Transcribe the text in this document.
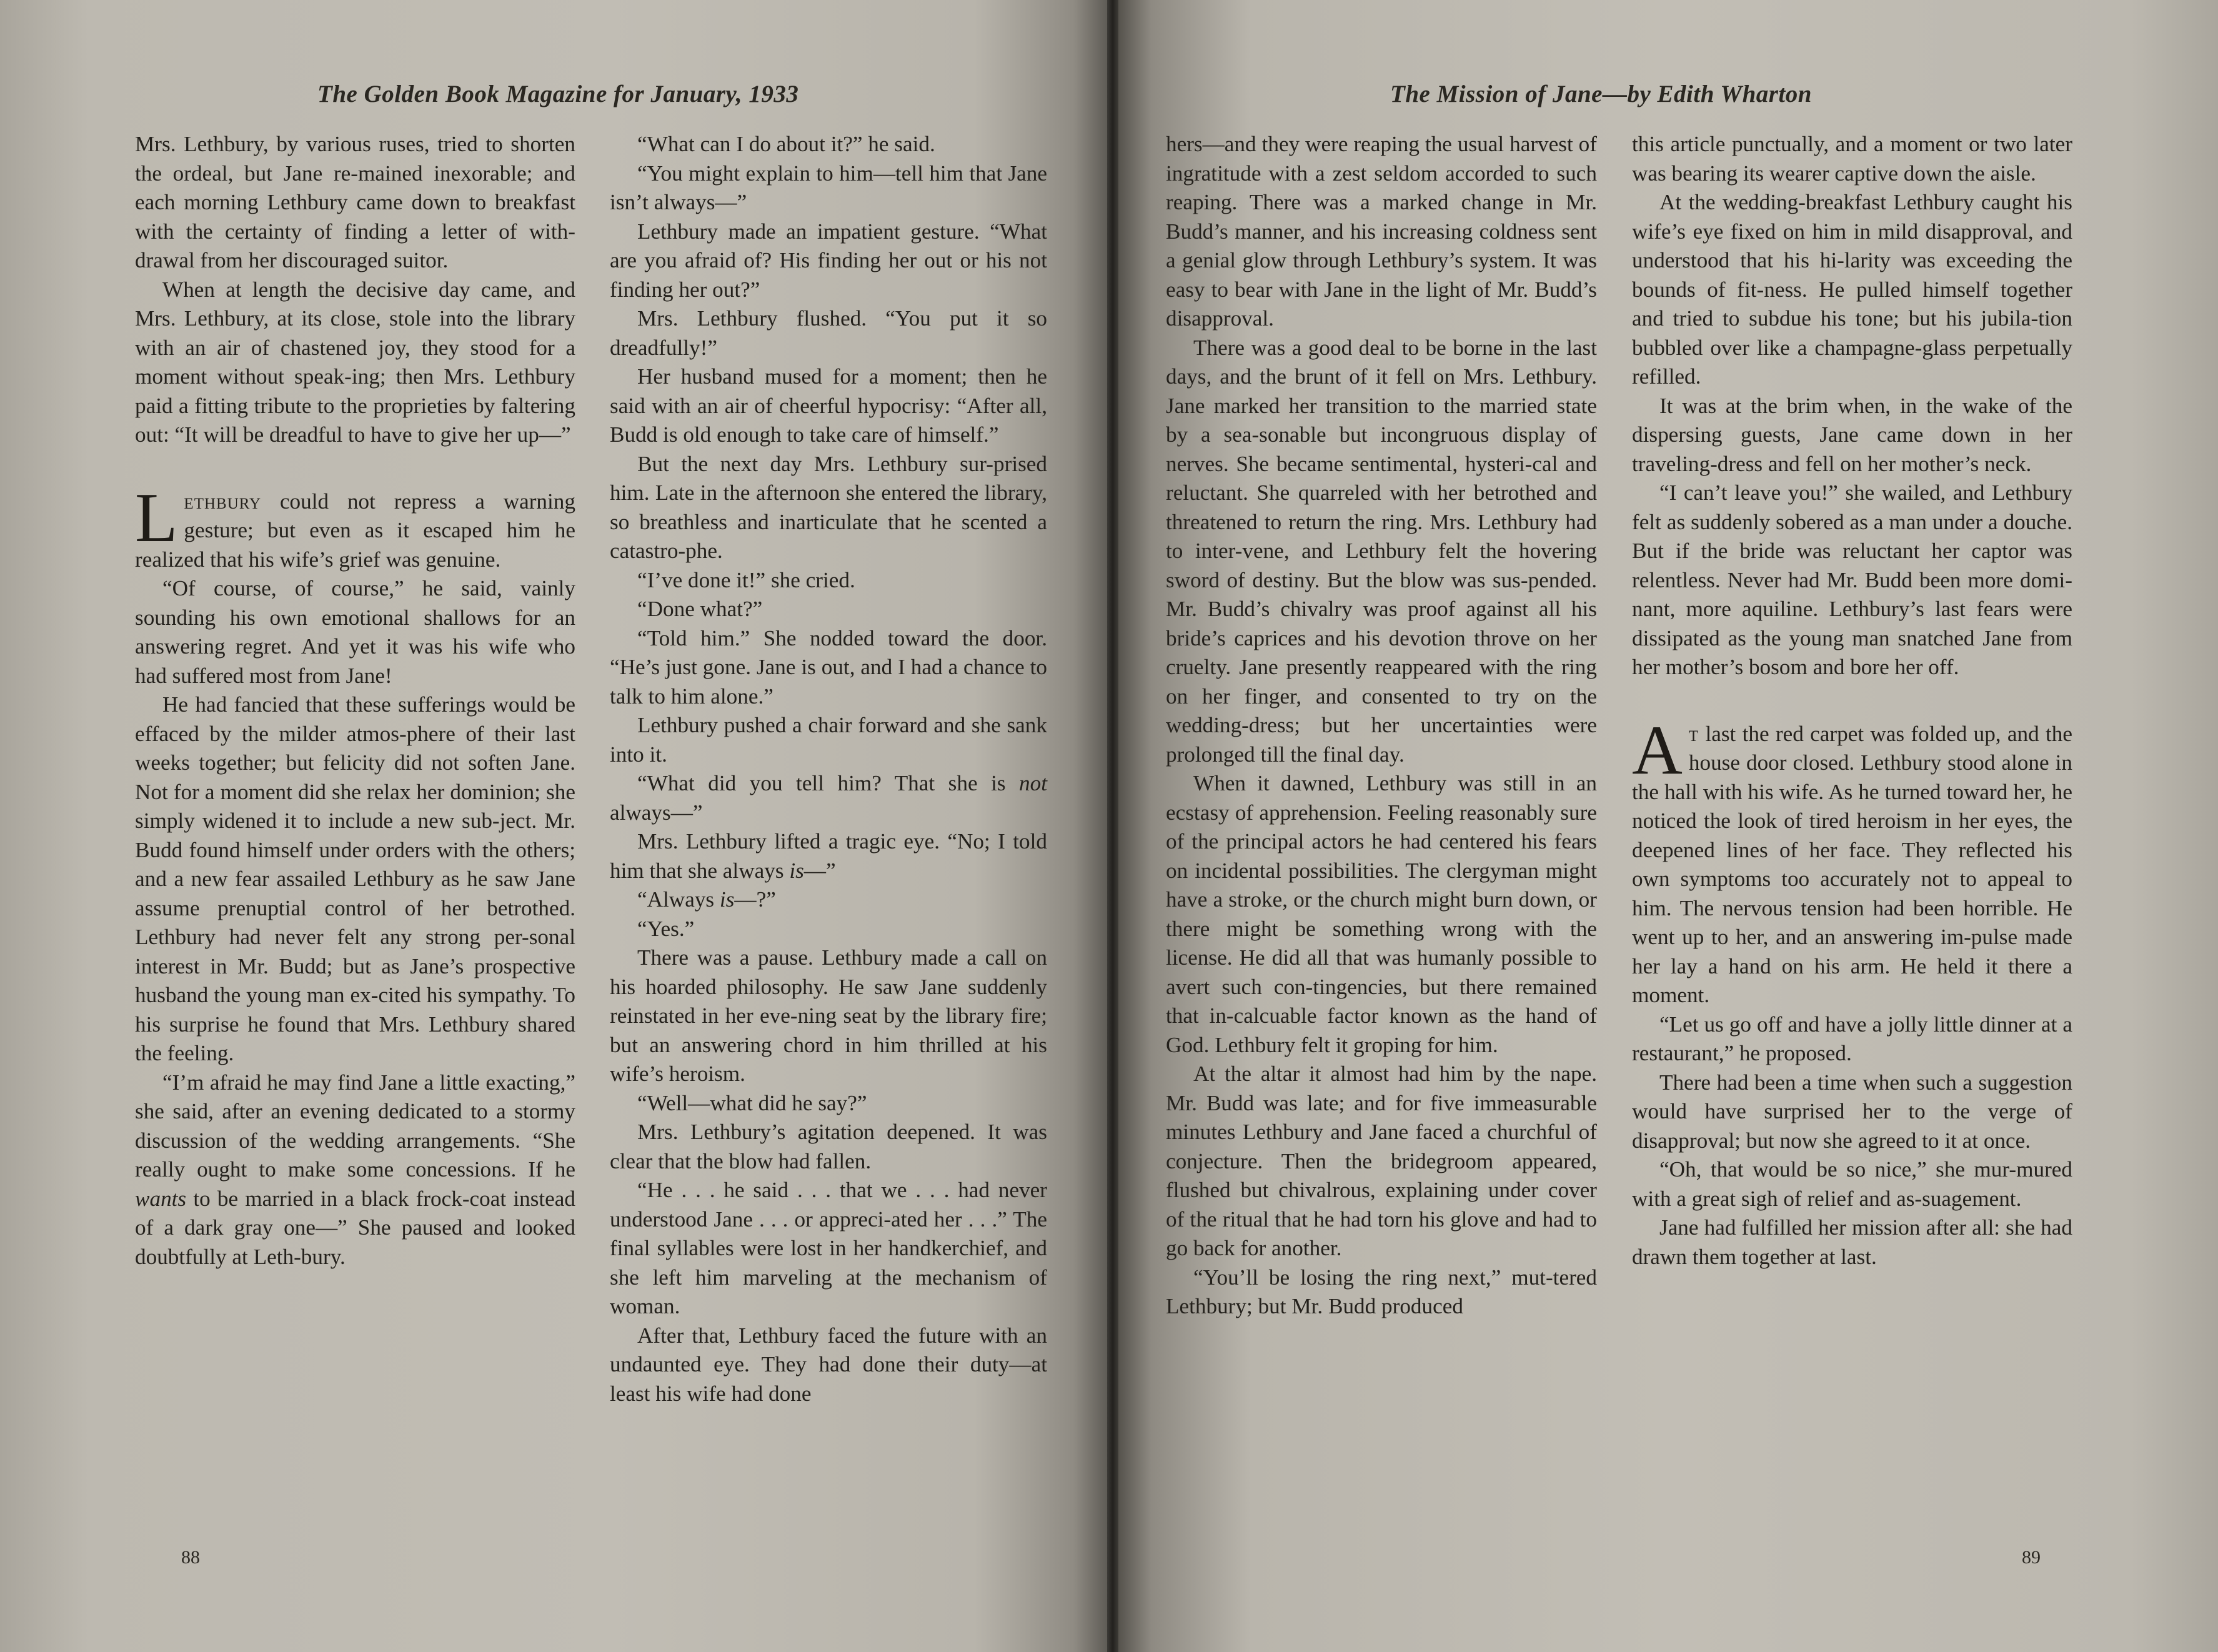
The Golden Book Magazine for January, 1933

Mrs. Lethbury, by various ruses, tried to shorten the ordeal, but Jane re-mained inexorable; and each morning Lethbury came down to breakfast with the certainty of finding a letter of with-drawal from her discouraged suitor.

When at length the decisive day came, and Mrs. Lethbury, at its close, stole into the library with an air of chastened joy, they stood for a moment without speak-ing; then Mrs. Lethbury paid a fitting tribute to the proprieties by faltering out: “It will be dreadful to have to give her up—”

Lethbury could not repress a warning gesture; but even as it escaped him he realized that his wife’s grief was genuine.

“Of course, of course,” he said, vainly sounding his own emotional shallows for an answering regret. And yet it was his wife who had suffered most from Jane!

He had fancied that these sufferings would be effaced by the milder atmos-phere of their last weeks together; but felicity did not soften Jane. Not for a moment did she relax her dominion; she simply widened it to include a new sub-ject. Mr. Budd found himself under orders with the others; and a new fear assailed Lethbury as he saw Jane assume prenuptial control of her betrothed. Lethbury had never felt any strong per-sonal interest in Mr. Budd; but as Jane’s prospective husband the young man ex-cited his sympathy. To his surprise he found that Mrs. Lethbury shared the feeling.

“I’m afraid he may find Jane a little exacting,” she said, after an evening dedicated to a stormy discussion of the wedding arrangements. “She really ought to make some concessions. If he wants to be married in a black frock-coat instead of a dark gray one—” She paused and looked doubtfully at Leth-bury.

“What can I do about it?” he said.

“You might explain to him—tell him that Jane isn’t always—”

Lethbury made an impatient gesture. “What are you afraid of? His finding her out or his not finding her out?”

Mrs. Lethbury flushed. “You put it so dreadfully!”

Her husband mused for a moment; then he said with an air of cheerful hypocrisy: “After all, Budd is old enough to take care of himself.”

But the next day Mrs. Lethbury sur-prised him. Late in the afternoon she entered the library, so breathless and inarticulate that he scented a catastro-phe.

“I’ve done it!” she cried.

“Done what?”

“Told him.” She nodded toward the door. “He’s just gone. Jane is out, and I had a chance to talk to him alone.”

Lethbury pushed a chair forward and she sank into it.

“What did you tell him? That she is not always—”

Mrs. Lethbury lifted a tragic eye. “No; I told him that she always is—”

“Always is—?”

“Yes.”

There was a pause. Lethbury made a call on his hoarded philosophy. He saw Jane suddenly reinstated in her eve-ning seat by the library fire; but an answering chord in him thrilled at his wife’s heroism.

“Well—what did he say?”

Mrs. Lethbury’s agitation deepened. It was clear that the blow had fallen.

“He . . . he said . . . that we . . . had never understood Jane . . . or appreci-ated her . . .” The final syllables were lost in her handkerchief, and she left him marveling at the mechanism of woman.

After that, Lethbury faced the future with an undaunted eye. They had done their duty—at least his wife had done

88
The Mission of Jane—by Edith Wharton

hers—and they were reaping the usual harvest of ingratitude with a zest seldom accorded to such reaping. There was a marked change in Mr. Budd’s manner, and his increasing coldness sent a genial glow through Lethbury’s system. It was easy to bear with Jane in the light of Mr. Budd’s disapproval.

There was a good deal to be borne in the last days, and the brunt of it fell on Mrs. Lethbury. Jane marked her transition to the married state by a sea-sonable but incongruous display of nerves. She became sentimental, hysteri-cal and reluctant. She quarreled with her betrothed and threatened to return the ring. Mrs. Lethbury had to inter-vene, and Lethbury felt the hovering sword of destiny. But the blow was sus-pended. Mr. Budd’s chivalry was proof against all his bride’s caprices and his devotion throve on her cruelty. Jane presently reappeared with the ring on her finger, and consented to try on the wedding-dress; but her uncertainties were prolonged till the final day.

When it dawned, Lethbury was still in an ecstasy of apprehension. Feeling reasonably sure of the principal actors he had centered his fears on incidental possibilities. The clergyman might have a stroke, or the church might burn down, or there might be something wrong with the license. He did all that was humanly possible to avert such con-tingencies, but there remained that in-calcuable factor known as the hand of God. Lethbury felt it groping for him.

At the altar it almost had him by the nape. Mr. Budd was late; and for five immeasurable minutes Lethbury and Jane faced a churchful of conjecture. Then the bridegroom appeared, flushed but chivalrous, explaining under cover of the ritual that he had torn his glove and had to go back for another.

“You’ll be losing the ring next,” mut-tered Lethbury; but Mr. Budd produced

this article punctually, and a moment or two later was bearing its wearer captive down the aisle.

At the wedding-breakfast Lethbury caught his wife’s eye fixed on him in mild disapproval, and understood that his hi-larity was exceeding the bounds of fit-ness. He pulled himself together and tried to subdue his tone; but his jubila-tion bubbled over like a champagne-glass perpetually refilled.

It was at the brim when, in the wake of the dispersing guests, Jane came down in her traveling-dress and fell on her mother’s neck.

“I can’t leave you!” she wailed, and Lethbury felt as suddenly sobered as a man under a douche. But if the bride was reluctant her captor was relentless. Never had Mr. Budd been more domi-nant, more aquiline. Lethbury’s last fears were dissipated as the young man snatched Jane from her mother’s bosom and bore her off.

At last the red carpet was folded up, and the house door closed. Lethbury stood alone in the hall with his wife. As he turned toward her, he noticed the look of tired heroism in her eyes, the deepened lines of her face. They reflected his own symptoms too accurately not to appeal to him. The nervous tension had been horrible. He went up to her, and an answering im-pulse made her lay a hand on his arm. He held it there a moment.

“Let us go off and have a jolly little dinner at a restaurant,” he proposed.

There had been a time when such a suggestion would have surprised her to the verge of disapproval; but now she agreed to it at once.

“Oh, that would be so nice,” she mur-mured with a great sigh of relief and as-suagement.

Jane had fulfilled her mission after all: she had drawn them together at last.

89
